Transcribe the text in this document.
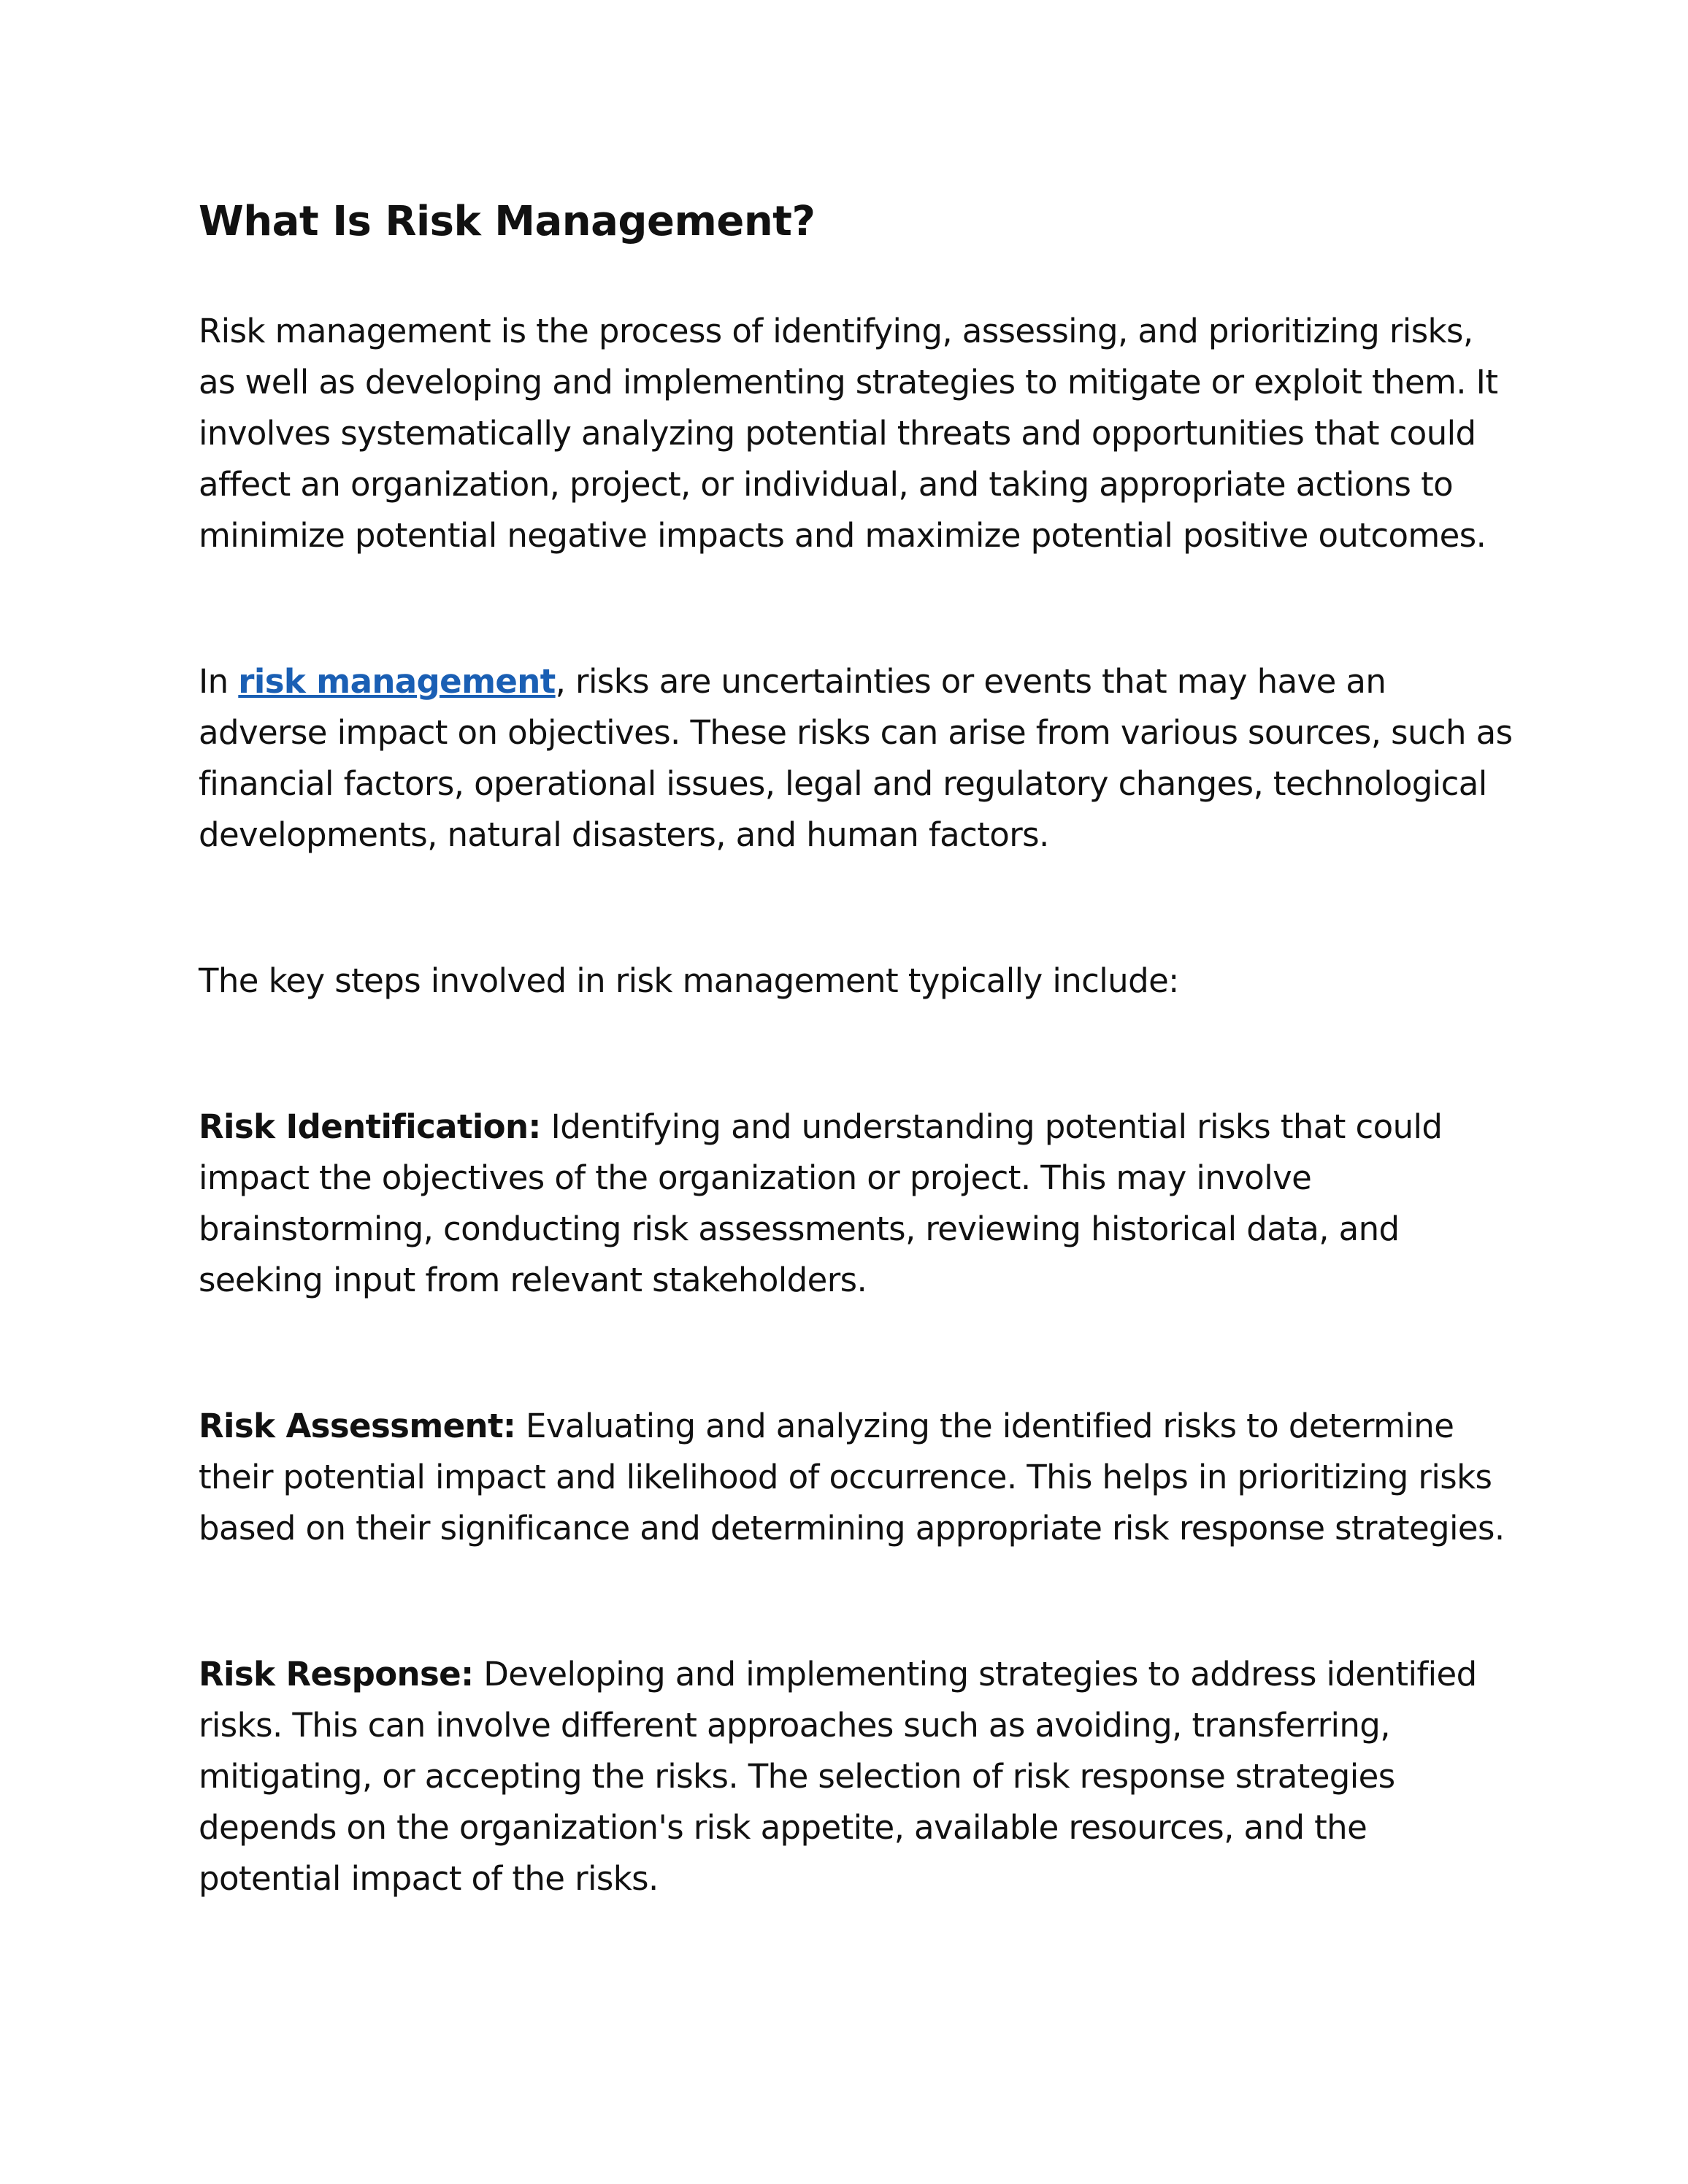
What Is Risk Management?

Risk management is the process of identifying, assessing, and prioritizing risks, as well as developing and implementing strategies to mitigate or exploit them. It involves systematically analyzing potential threats and opportunities that could affect an organization, project, or individual, and taking appropriate actions to minimize potential negative impacts and maximize potential positive outcomes.

In risk management, risks are uncertainties or events that may have an adverse impact on objectives. These risks can arise from various sources, such as financial factors, operational issues, legal and regulatory changes, technological developments, natural disasters, and human factors.

The key steps involved in risk management typically include:

Risk Identification: Identifying and understanding potential risks that could impact the objectives of the organization or project. This may involve brainstorming, conducting risk assessments, reviewing historical data, and seeking input from relevant stakeholders.

Risk Assessment: Evaluating and analyzing the identified risks to determine their potential impact and likelihood of occurrence. This helps in prioritizing risks based on their significance and determining appropriate risk response strategies.

Risk Response: Developing and implementing strategies to address identified risks. This can involve different approaches such as avoiding, transferring, mitigating, or accepting the risks. The selection of risk response strategies depends on the organization's risk appetite, available resources, and the potential impact of the risks.
